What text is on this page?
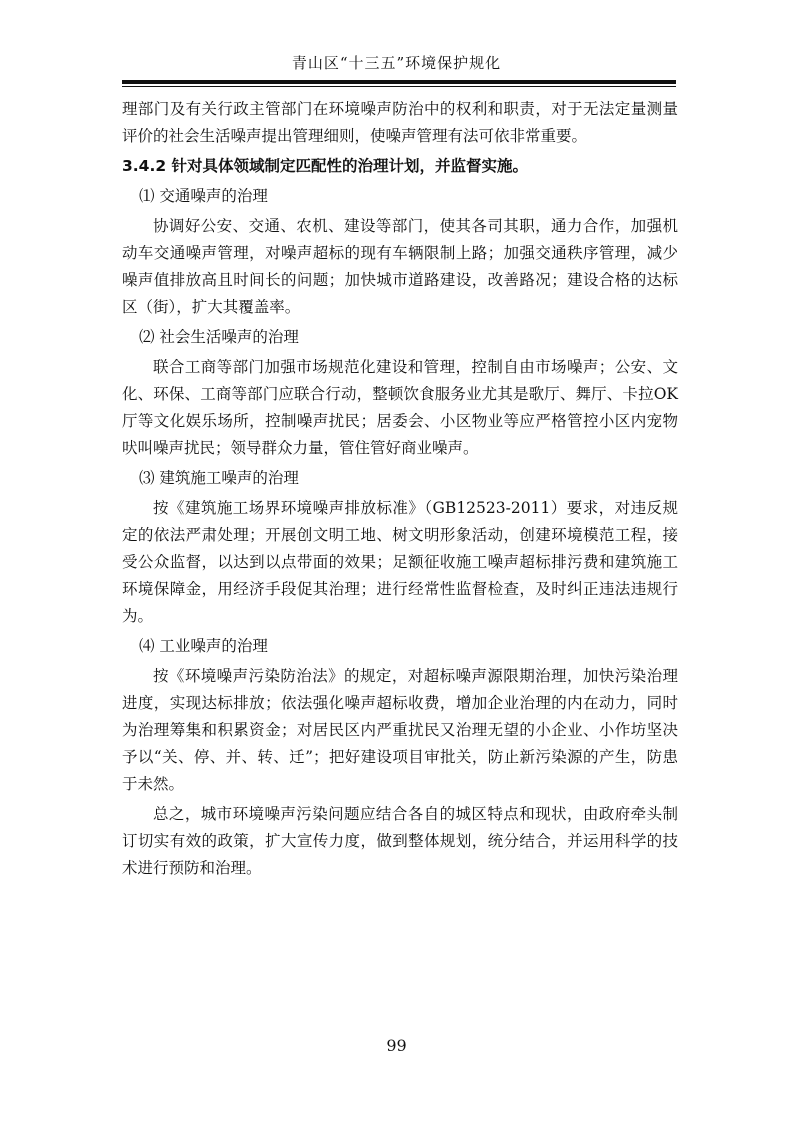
青山区“十三五”环境保护规化

理部门及有关行政主管部门在环境噪声防治中的权利和职责，对于无法定量测量评价的社会生活噪声提出管理细则，使噪声管理有法可依非常重要。

3.4.2 针对具体领域制定匹配性的治理计划，并监督实施。

⑴ 交通噪声的治理

协调好公安、交通、农机、建设等部门，使其各司其职，通力合作，加强机动车交通噪声管理，对噪声超标的现有车辆限制上路；加强交通秩序管理，减少噪声值排放高且时间长的问题；加快城市道路建设，改善路况；建设合格的达标区（街），扩大其覆盖率。

⑵ 社会生活噪声的治理

联合工商等部门加强市场规范化建设和管理，控制自由市场噪声；公安、文化、环保、工商等部门应联合行动，整顿饮食服务业尤其是歌厅、舞厅、卡拉OK厅等文化娱乐场所，控制噪声扰民；居委会、小区物业等应严格管控小区内宠物吠叫噪声扰民；领导群众力量，管住管好商业噪声。

⑶ 建筑施工噪声的治理

按《建筑施工场界环境噪声排放标准》（GB12523-2011）要求，对违反规定的依法严肃处理；开展创文明工地、树文明形象活动，创建环境模范工程，接受公众监督，以达到以点带面的效果；足额征收施工噪声超标排污费和建筑施工环境保障金，用经济手段促其治理；进行经常性监督检查，及时纠正违法违规行为。

⑷ 工业噪声的治理

按《环境噪声污染防治法》的规定，对超标噪声源限期治理，加快污染治理进度，实现达标排放；依法强化噪声超标收费，增加企业治理的内在动力，同时为治理筹集和积累资金；对居民区内严重扰民又治理无望的小企业、小作坊坚决予以“关、停、并、转、迁”；把好建设项目审批关，防止新污染源的产生，防患于未然。

总之，城市环境噪声污染问题应结合各自的城区特点和现状，由政府牵头制订切实有效的政策，扩大宣传力度，做到整体规划，统分结合，并运用科学的技术进行预防和治理。

99
